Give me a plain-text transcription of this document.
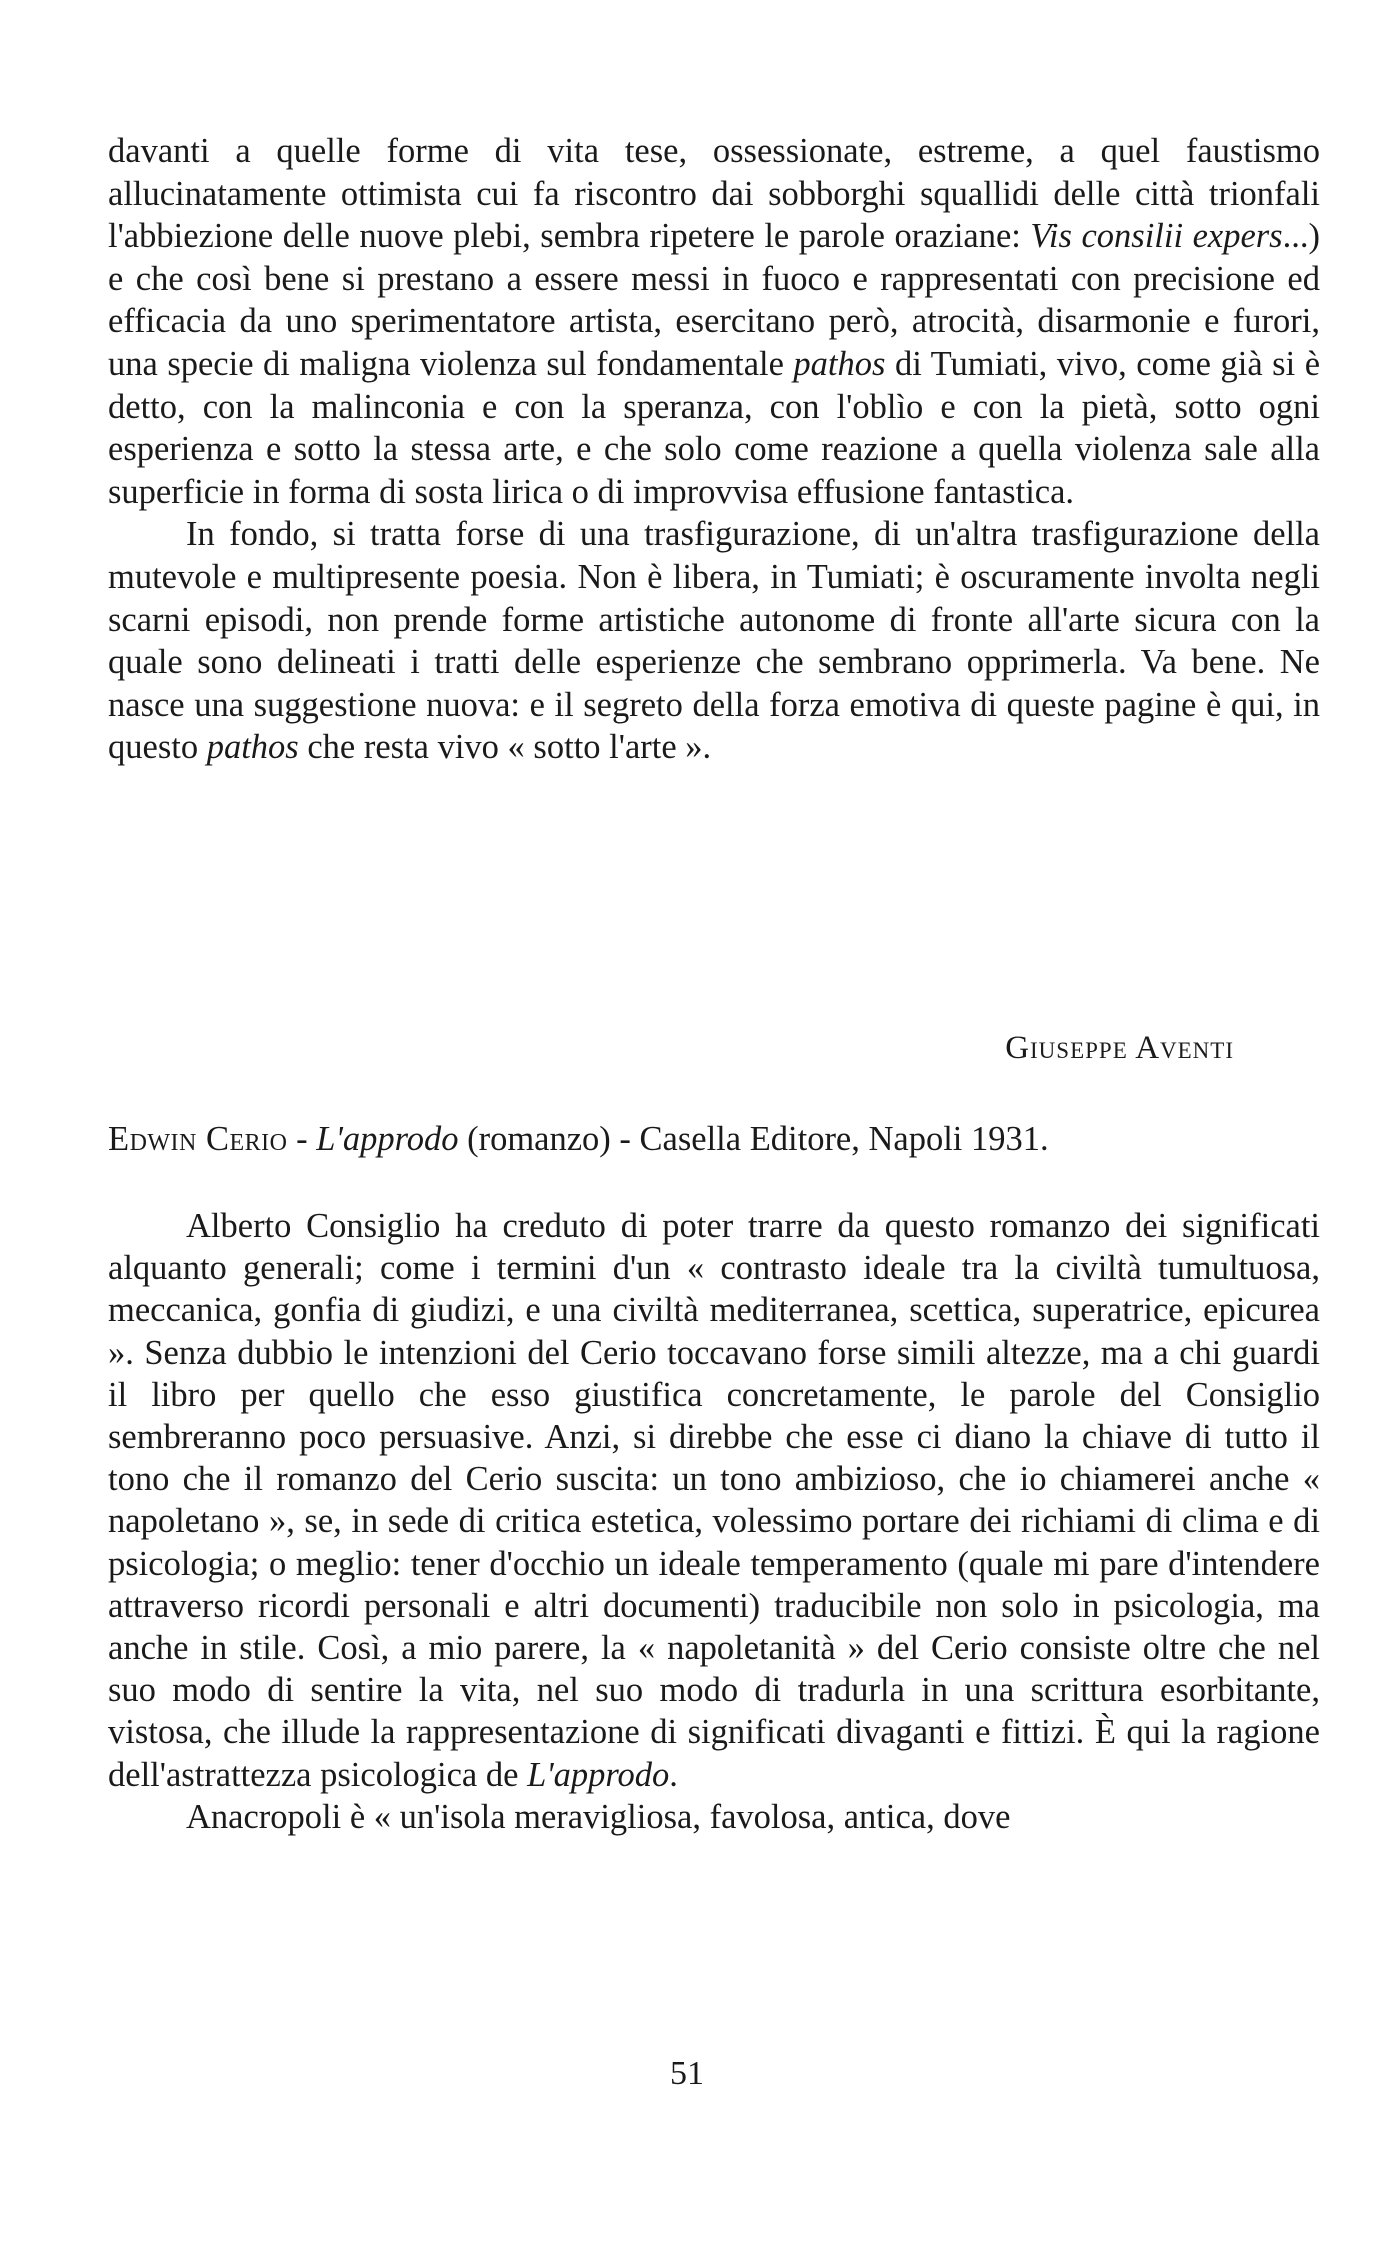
davanti a quelle forme di vita tese, ossessionate, estreme, a quel faustismo allucinatamente ottimista cui fa riscontro dai sobborghi squallidi delle città trionfali l'abbiezione delle nuove plebi, sembra ripetere le parole oraziane: Vis consilii expers...) e che così bene si prestano a essere messi in fuoco e rappresentati con precisione ed efficacia da uno sperimentatore artista, esercitano però, atrocità, disarmonie e furori, una specie di maligna violenza sul fondamentale pathos di Tumiati, vivo, come già si è detto, con la malinconia e con la speranza, con l'oblìo e con la pietà, sotto ogni esperienza e sotto la stessa arte, e che solo come reazione a quella violenza sale alla superficie in forma di sosta lirica o di improvvisa effusione fantastica.

In fondo, si tratta forse di una trasfigurazione, di un'altra trasfigurazione della mutevole e multipresente poesia. Non è libera, in Tumiati; è oscuramente involta negli scarni episodi, non prende forme artistiche autonome di fronte all'arte sicura con la quale sono delineati i tratti delle esperienze che sembrano opprimerla. Va bene. Ne nasce una suggestione nuova: e il segreto della forza emotiva di queste pagine è qui, in questo pathos che resta vivo « sotto l'arte ».

Giuseppe Aventi
Edwin Cerio - L'approdo (romanzo) - Casella Editore, Napoli 1931.

Alberto Consiglio ha creduto di poter trarre da questo romanzo dei significati alquanto generali; come i termini d'un « contrasto ideale tra la civiltà tumultuosa, meccanica, gonfia di giudizi, e una civiltà mediterranea, scettica, superatrice, epicurea ». Senza dubbio le intenzioni del Cerio toccavano forse simili altezze, ma a chi guardi il libro per quello che esso giustifica concretamente, le parole del Consiglio sembreranno poco persuasive. Anzi, si direbbe che esse ci diano la chiave di tutto il tono che il romanzo del Cerio suscita: un tono ambizioso, che io chiamerei anche « napoletano », se, in sede di critica estetica, volessimo portare dei richiami di clima e di psicologia; o meglio: tener d'occhio un ideale temperamento (quale mi pare d'intendere attraverso ricordi personali e altri documenti) traducibile non solo in psicologia, ma anche in stile. Così, a mio parere, la « napoletanità » del Cerio consiste oltre che nel suo modo di sentire la vita, nel suo modo di tradurla in una scrittura esorbitante, vistosa, che illude la rappresentazione di significati divaganti e fittizi. È qui la ragione dell'astrattezza psicologica de L'approdo.

Anacropoli è « un'isola meravigliosa, favolosa, antica, dove

51
